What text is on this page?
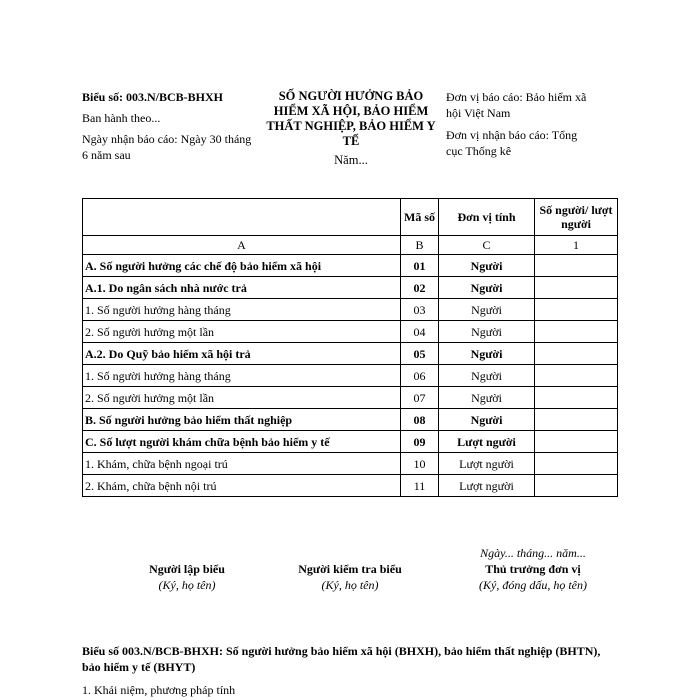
Biểu số: 003.N/BCB-BHXH
Ban hành theo...
Ngày nhận báo cáo: Ngày 30 tháng 6 năm sau
SỐ NGƯỜI HƯỞNG BẢO HIỂM XÃ HỘI, BẢO HIỂM THẤT NGHIỆP, BẢO HIỂM Y TẾ
Năm...
Đơn vị báo cáo: Bảo hiểm xã hội Việt Nam
Đơn vị nhận báo cáo: Tổng cục Thống kê
	Mã số	Đơn vị tính	Số người/ lượt người
A	B	C	1
A. Số người hưởng các chế độ bảo hiểm xã hội	01	Người	
A.1. Do ngân sách nhà nước trả	02	Người	
1. Số người hưởng hàng tháng	03	Người	
2. Số người hưởng một lần	04	Người	
A.2. Do Quỹ bảo hiểm xã hội trả	05	Người	
1. Số người hưởng hàng tháng	06	Người	
2. Số người hưởng một lần	07	Người	
B. Số người hưởng bảo hiểm thất nghiệp	08	Người	
C. Số lượt người khám chữa bệnh bảo hiểm y tế	09	Lượt người	
1. Khám, chữa bệnh ngoại trú	10	Lượt người	
2. Khám, chữa bệnh nội trú	11	Lượt người	
Người lập biểu
(Ký, họ tên)
Người kiểm tra biểu
(Ký, họ tên)
Ngày... tháng... năm...
Thủ trưởng đơn vị
(Ký, đóng dấu, họ tên)
Biểu số 003.N/BCB-BHXH: Số người hưởng bảo hiểm xã hội (BHXH), bảo hiểm thất nghiệp (BHTN), bảo hiểm y tế (BHYT)
1. Khái niệm, phương pháp tính
